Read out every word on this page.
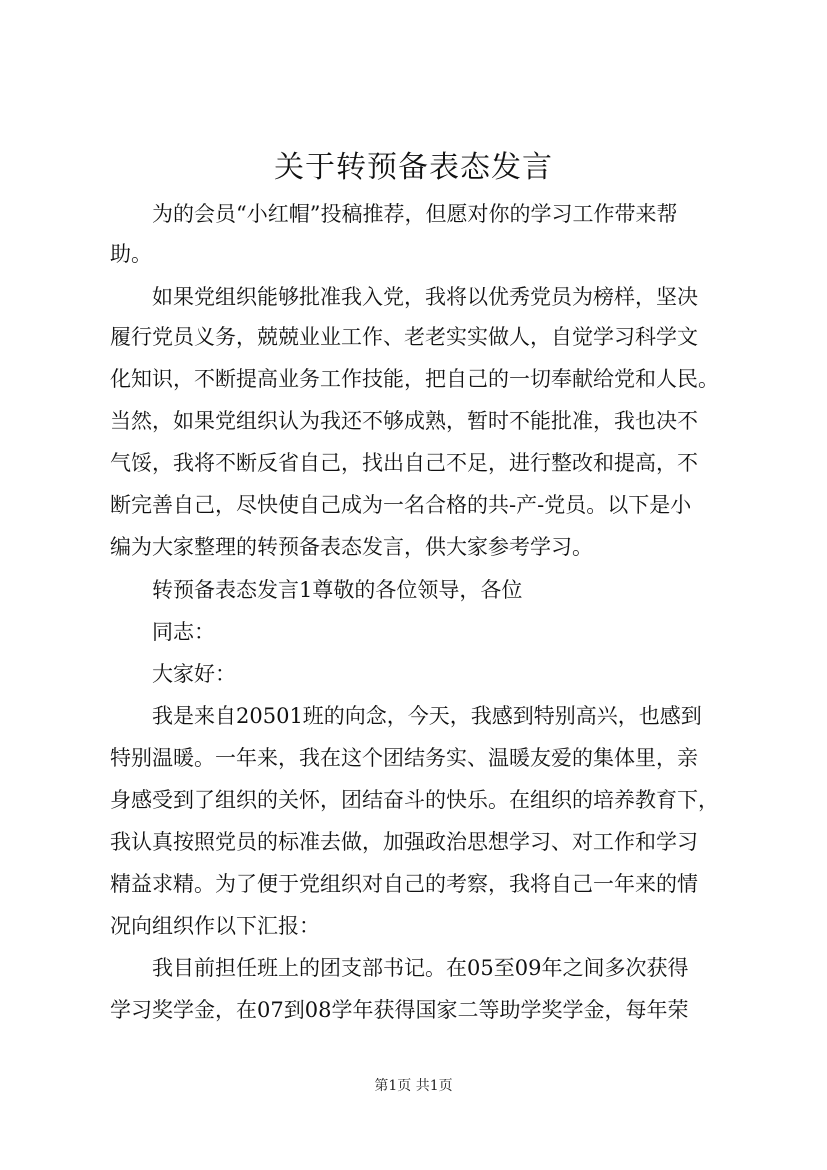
关于转预备表态发言

为的会员“小红帽”投稿推荐，但愿对你的学习工作带来帮

助。

如果党组织能够批准我入党，我将以优秀党员为榜样，坚决

履行党员义务，兢兢业业工作、老老实实做人，自觉学习科学文

化知识，不断提高业务工作技能，把自己的一切奉献给党和人民。

当然，如果党组织认为我还不够成熟，暂时不能批准，我也决不

气馁，我将不断反省自己，找出自己不足，进行整改和提高，不

断完善自己，尽快使自己成为一名合格的共-产-党员。以下是小

编为大家整理的转预备表态发言，供大家参考学习。

转预备表态发言1尊敬的各位领导，各位

同志：

大家好：

我是来自20501班的向念，今天，我感到特别高兴，也感到

特别温暖。一年来，我在这个团结务实、温暖友爱的集体里，亲

身感受到了组织的关怀，团结奋斗的快乐。在组织的培养教育下，

我认真按照党员的标准去做，加强政治思想学习、对工作和学习

精益求精。为了便于党组织对自己的考察，我将自己一年来的情

况向组织作以下汇报：

我目前担任班上的团支部书记。在05至09年之间多次获得

学习奖学金，在07到08学年获得国家二等助学奖学金，每年荣

第1页 共1页
